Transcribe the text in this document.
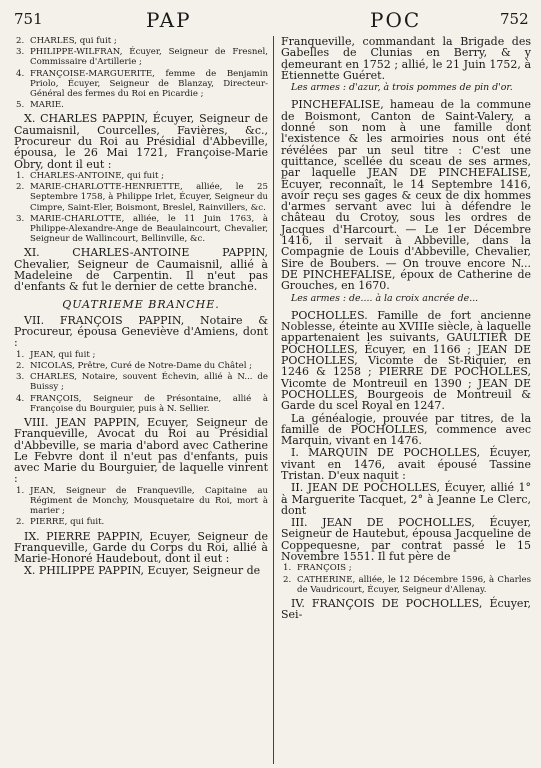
751	PAP	POC	752
2. CHARLES, qui fuit ;
3. PHILIPPE-WILFRAN, Écuyer, Seigneur de Fresnel, Commissaire d'Artillerie ;
4. FRANÇOISE-MARGUERITE, femme de Benjamin Priolo, Écuyer, Seigneur de Blanzay, Directeur-Général des fermes du Roi en Picardie ;
5. MARIE.

X. CHARLES PAPPIN, Écuyer, Seigneur de Caumaisnil, Courcelles, Favières, &c., Procureur du Roi au Présidial d'Abbeville, épousa, le 26 Mai 1721, Françoise-Marie Obry, dont il eut :

1. CHARLES-ANTOINE, qui fuit ;
2. MARIE-CHARLOTTE-HENRIETTE, alliée, le 25 Septembre 1758, à Philippe Irlet, Écuyer, Seigneur du Cimpre, Saint-Eler, Boismont, Breslel, Rainvillers, &c.
3. MARIE-CHARLOTTE, alliée, le 11 Juin 1763, à Philippe-Alexandre-Ange de Beaulaincourt, Chevalier, Seigneur de Wallincourt, Bellinville, &c.

XI. CHARLES-ANTOINE PAPPIN, Chevalier, Seigneur de Caumaisnil, allié à Madeleine de Carpentin. Il n'eut pas d'enfants & fut le dernier de cette branche.

QUATRIEME BRANCHE.

VII. FRANÇOIS PAPPIN, Notaire & Procureur, épousa Geneviève d'Amiens, dont :

1. JEAN, qui fuit ;
2. NICOLAS, Prêtre, Curé de Notre-Dame du Châtel ;
3. CHARLES, Notaire, souvent Échevin, allié à N... de Buissy ;
4. FRANÇOIS, Seigneur de Présontaine, allié à Françoise du Bourguier, puis à N. Sellier.

VIII. JEAN PAPPIN, Ecuyer, Seigneur de Franqueville, Avocat du Roi au Présidial d'Abbeville, se maria d'abord avec Catherine Le Febvre dont il n'eut pas d'enfants, puis avec Marie du Bourguier, de laquelle vinrent :

1. JEAN, Seigneur de Franqueville, Capitaine au Régiment de Monchy, Mousquetaire du Roi, mort à marier ;
2. PIERRE, qui fuit.

IX. PIERRE PAPPIN, Ecuyer, Seigneur de Franqueville, Garde du Corps du Roi, allié à Marie-Honoré Haudebout, dont il eut :

X. PHILIPPE PAPPIN, Ecuyer, Seigneur de

Franqueville, commandant la Brigade des Gabelles de Clunias en Berry, & y demeurant en 1752 ; allié, le 21 Juin 1752, à Étiennette Guéret.

Les armes : d'azur, à trois pommes de pin d'or.

PINCHEFALISE, hameau de la commune de Boismont, Canton de Saint-Valery, a donné son nom à une famille dont l'existence & les armoiries nous ont été révélées par un seul titre : C'est une quittance, scellée du sceau de ses armes, par laquelle JEAN DE PINCHEFALISE, Écuyer, reconnaît, le 14 Septembre 1416, avoir reçu ses gages & ceux de dix hommes d'armes servant avec lui à défendre le château du Crotoy, sous les ordres de Jacques d'Harcourt. — Le 1er Décembre 1416, il servait à Abbeville, dans la Compagnie de Louis d'Abbeville, Chevalier, Sire de Boubers. — On trouve encore N... DE PINCHEFALISE, époux de Catherine de Grouches, en 1670.

Les armes : de.... à la croix ancrée de...

POCHOLLES. Famille de fort ancienne Noblesse, éteinte au XVIIIe siècle, à laquelle appartenaient les suivants, GAULTIER DE POCHOLLES, Écuyer, en 1166 ; JEAN DE POCHOLLES, Vicomte de St-Riquier, en 1246 & 1258 ; PIERRE DE POCHOLLES, Vicomte de Montreuil en 1390 ; JEAN DE POCHOLLES, Bourgeois de Montreuil & Garde du scel Royal en 1247.

La généalogie, prouvée par titres, de la famille de POCHOLLES, commence avec Marquin, vivant en 1476.

I. MARQUIN DE POCHOLLES, Écuyer, vivant en 1476, avait épousé Tassine Tristan. D'eux naquit :

II. JEAN DE POCHOLLES, Écuyer, allié 1° à Marguerite Tacquet, 2° à Jeanne Le Clerc, dont

III. JEAN DE POCHOLLES, Écuyer, Seigneur de Hautebut, épousa Jacqueline de Coppequesne, par contrat passé le 15 Novembre 1551. Il fut père de

1. FRANÇOIS ;
2. CATHERINE, alliée, le 12 Décembre 1596, à Charles de Vaudricourt, Écuyer, Seigneur d'Allenay.

IV. FRANÇOIS DE POCHOLLES, Écuyer, Sei-
